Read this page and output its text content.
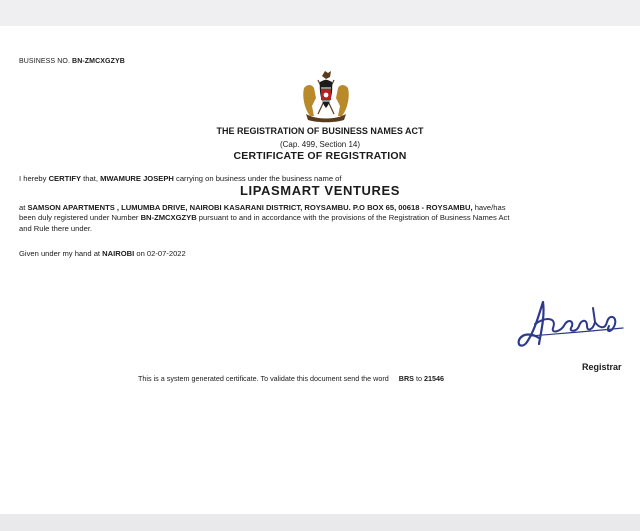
BUSINESS NO. BN-ZMCXGZYB
THE REGISTRATION OF BUSINESS NAMES ACT
(Cap. 499, Section 14)
CERTIFICATE OF REGISTRATION
I hereby CERTIFY that, MWAMURE JOSEPH carrying on business under the business name of
LIPASMART VENTURES
at SAMSON APARTMENTS , LUMUMBA DRIVE, NAIROBI KASARANI DISTRICT, ROYSAMBU. P.O BOX 65, 00618 - ROYSAMBU, have/has
been duly registered under Number BN-ZMCXGZYB pursuant to and in accordance with the provisions of the Registration of Business Names Act
and Rule there under.
Given under my hand at NAIROBI on 02-07-2022
Registrar
This is a system generated certificate. To validate this document send the word BRS to 21546
